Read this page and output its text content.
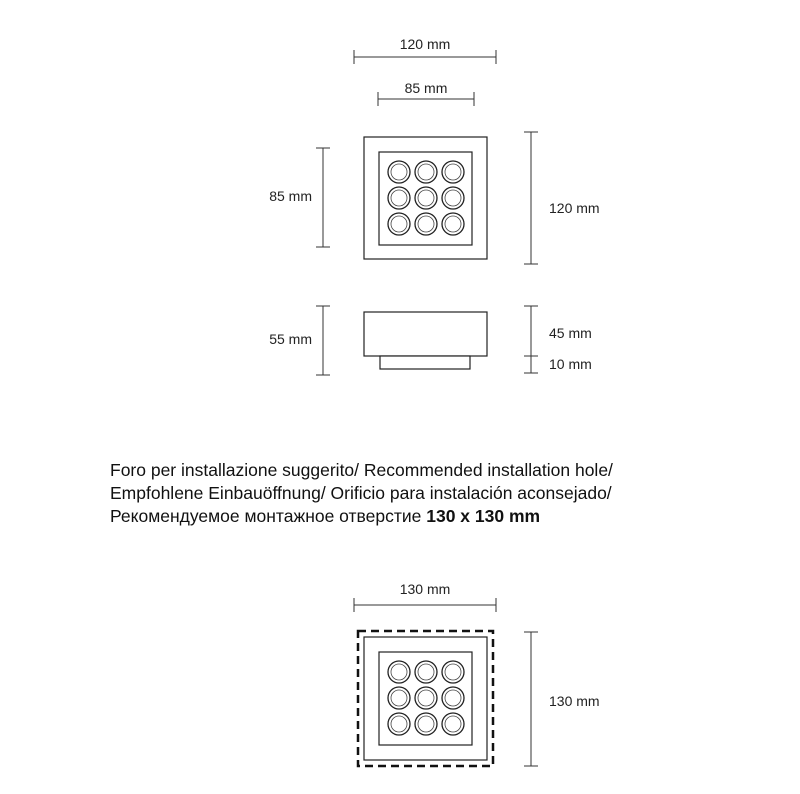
120 mm
85 mm
85 mm
120 mm
55 mm	45 mm
10 mm
130 mm
130 mm
Foro per installazione suggerito/ Recommended installation hole/
Empfohlene Einbauöffnung/ Orificio para instalación aconsejado/
Рекомендуемое монтажное отверстие 130 x 130 mm
